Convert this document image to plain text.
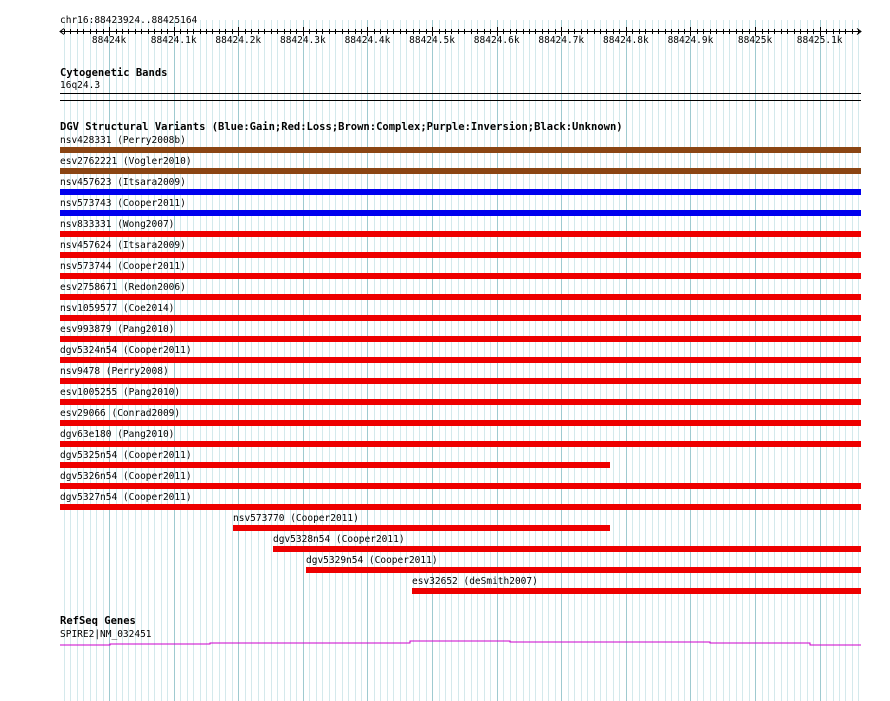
chr16:88423924..88425164
88424k	88424.1k 88424.2k 88424.3k 88424.4k 88424.5k 88424.6k 88424.7k 88424.8k 88424.9k	88425k	88425.1k
Cytogenetic Bands
16q24.3
DGV Structural Variants (Blue:Gain;Red:Loss;Brown:Complex;Purple:Inversion;Black:Unknown)
nsv428331 (Perry2008b)
esv2762221 (Vogler2010)
nsv457623 (Itsara2009)
nsv573743 (Cooper2011)
nsv833331 (Wong2007)
nsv457624 (Itsara2009)
nsv573744 (Cooper2011)
esv2758671 (Redon2006)
nsv1059577 (Coe2014)
esv993879 (Pang2010)
dgv5324n54 (Cooper2011)
nsv9478 (Perry2008)
esv1005255 (Pang2010)
esv29066 (Conrad2009)
dgv63e180 (Pang2010)
dgv5325n54 (Cooper2011)
dgv5326n54 (Cooper2011)
dgv5327n54 (Cooper2011)
nsv573770 (Cooper2011)
dgv5328n54 (Cooper2011)
dgv5329n54 (Cooper2011)
esv32652 (deSmith2007)
RefSeq Genes
SPIRE2|NM_032451
